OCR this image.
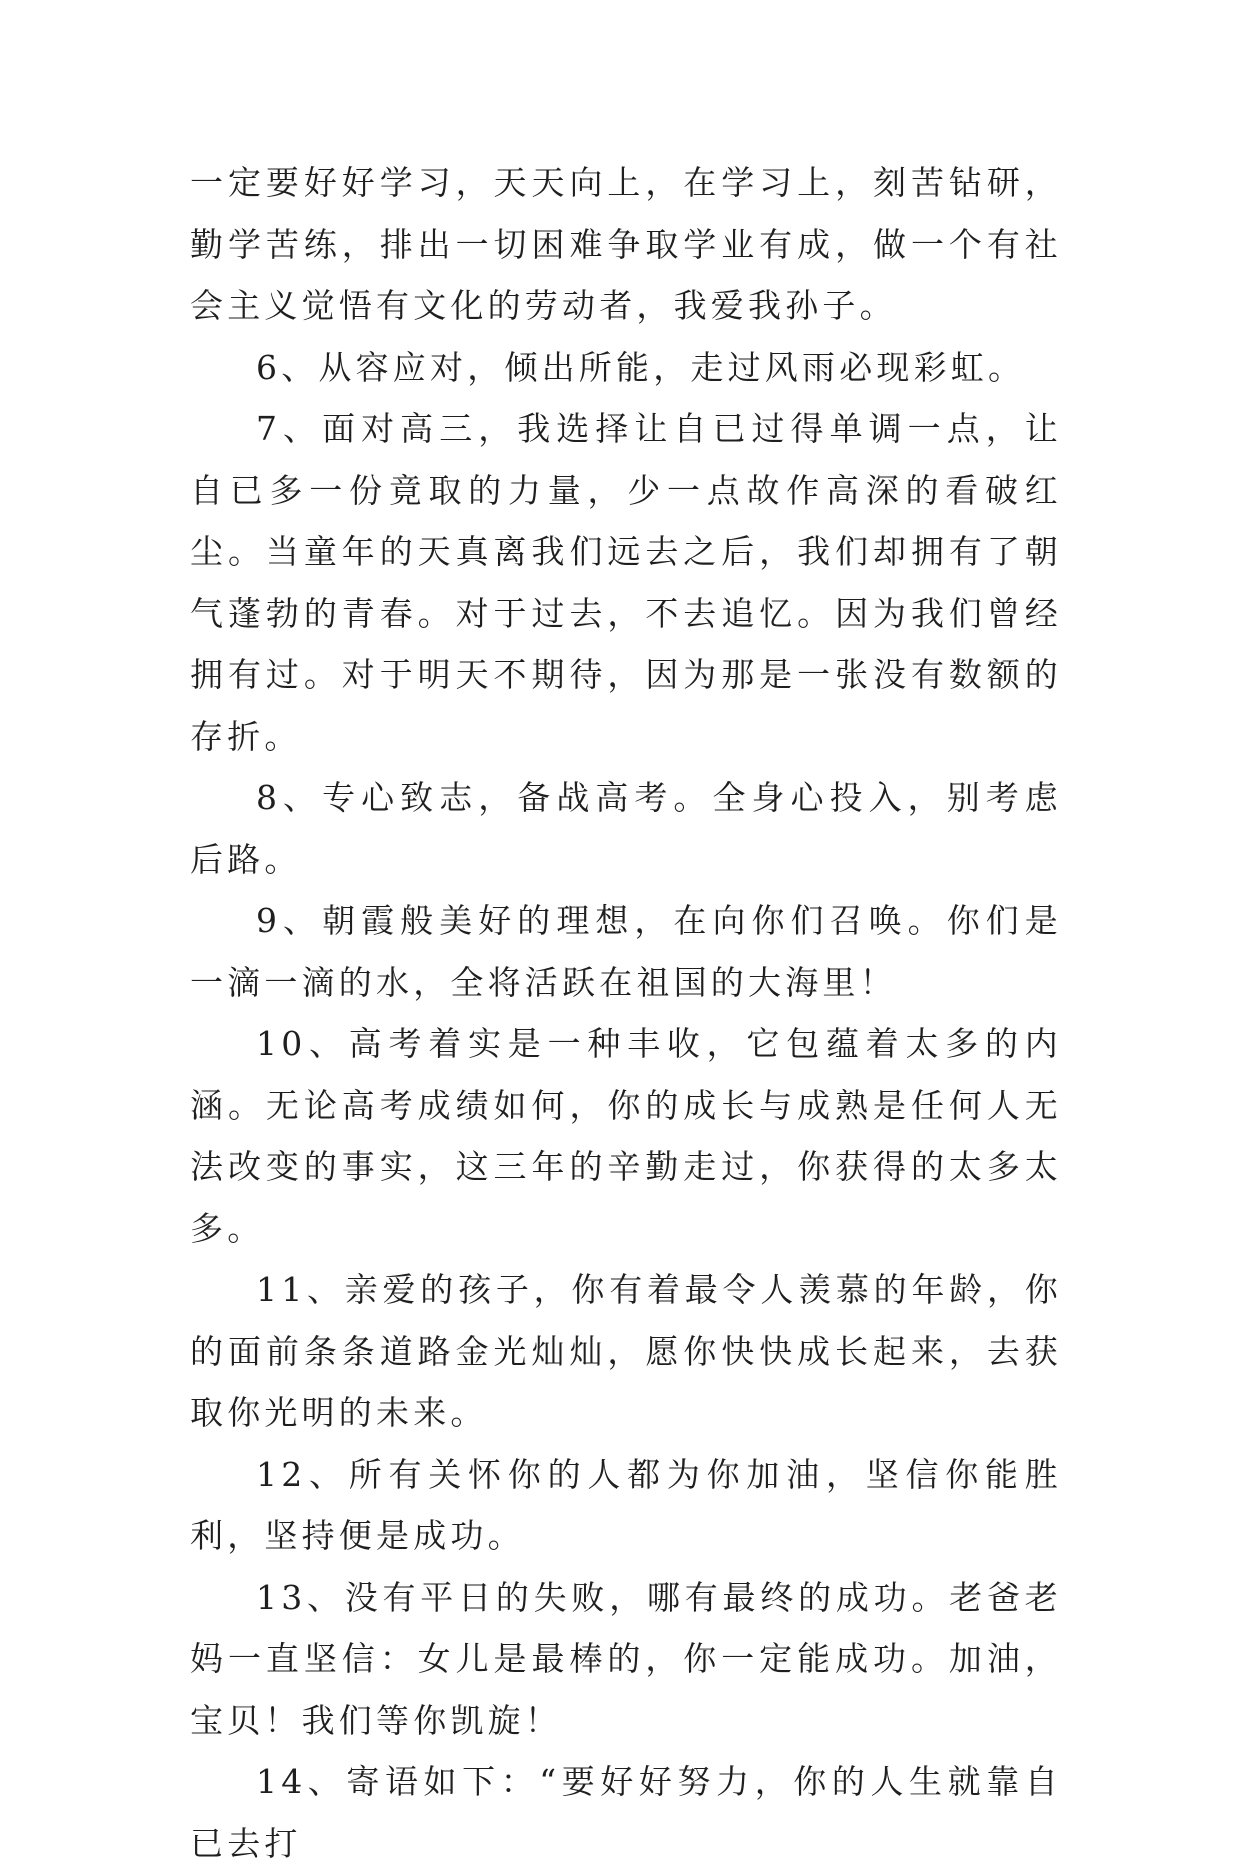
一定要好好学习，天天向上，在学习上，刻苦钻研，勤学苦练，排出一切困难争取学业有成，做一个有社会主义觉悟有文化的劳动者，我爱我孙子。

6、从容应对，倾出所能，走过风雨必现彩虹。

7、面对高三，我选择让自已过得单调一点，让自已多一份竟取的力量，少一点故作高深的看破红尘。当童年的天真离我们远去之后，我们却拥有了朝气蓬勃的青春。对于过去，不去追忆。因为我们曾经拥有过。对于明天不期待，因为那是一张没有数额的存折。

8、专心致志，备战高考。全身心投入，别考虑后路。

9、朝霞般美好的理想，在向你们召唤。你们是一滴一滴的水，全将活跃在祖国的大海里！

10、高考着实是一种丰收，它包蕴着太多的内涵。无论高考成绩如何，你的成长与成熟是任何人无法改变的事实，这三年的辛勤走过，你获得的太多太多。

11、亲爱的孩子，你有着最令人羡慕的年龄，你的面前条条道路金光灿灿，愿你快快成长起来，去获取你光明的未来。

12、所有关怀你的人都为你加油，坚信你能胜利，坚持便是成功。

13、没有平日的失败，哪有最终的成功。老爸老妈一直坚信：女儿是最棒的，你一定能成功。加油，宝贝！我们等你凯旋！

14、寄语如下：“要好好努力，你的人生就靠自已去打
